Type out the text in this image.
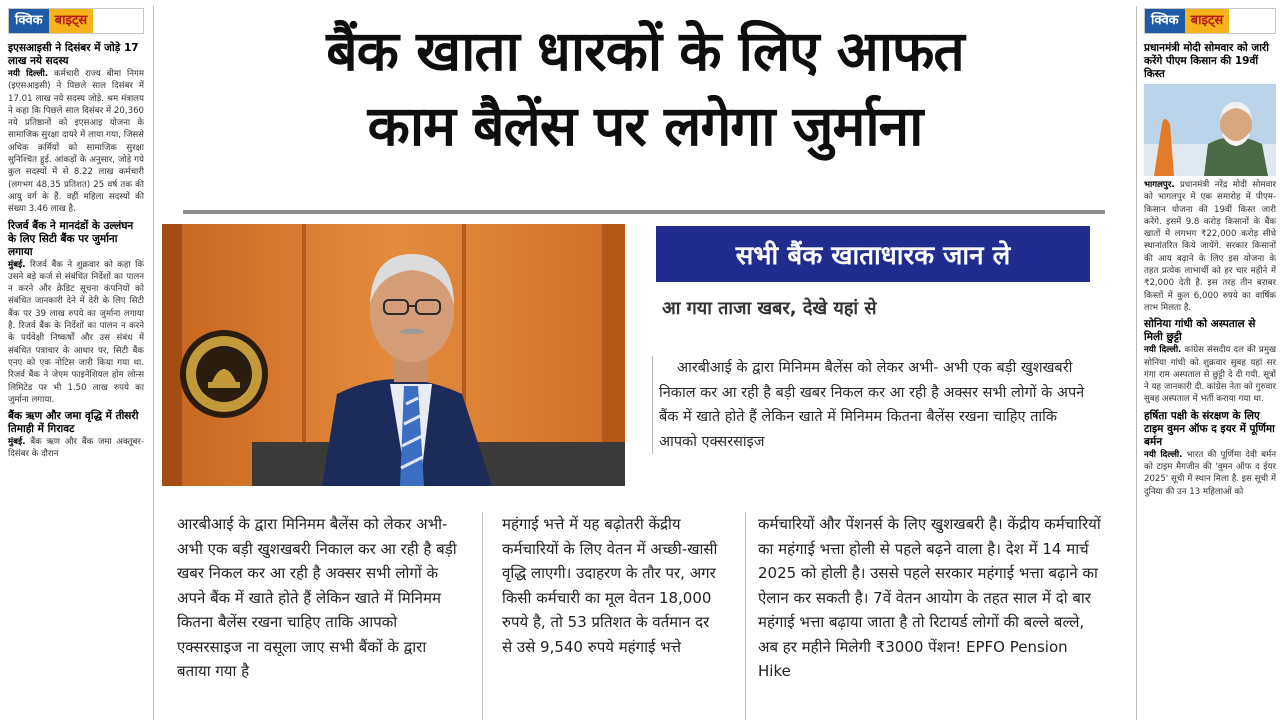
क्विक बाइट्स
इएसआइसी ने दिसंबर में जोड़े 17 लाख नये सदस्य

नयी दिल्ली. कर्मचारी राज्य बीमा निगम (इएसआइसी) ने पिछले साल दिसंबर में 17.01 लाख नये सदस्य जोड़े. श्रम मंत्रालय ने कहा कि पिछले साल दिसंबर में 20,360 नये प्रतिष्ठानों को इएसआइ योजना के सामाजिक सुरक्षा दायरे में लाया गया, जिससे अधिक कर्मियों को सामाजिक सुरक्षा सुनिश्चित हुई. आंकड़ों के अनुसार, जोड़े गये कुल सदस्यों में से 8.22 लाख कर्मचारी (लगभग 48.35 प्रतिशत) 25 वर्ष तक की आयु वर्ग के हैं. वहीं महिला सदस्यों की संख्या 3.46 लाख है.

रिजर्व बैंक ने मानदंडों के उल्लंघन के लिए सिटी बैंक पर जुर्माना लगाया

मुंबई. रिजर्व बैंक ने शुक्रवार को कहा कि उसने बड़े कर्ज से संबंधित निर्देशों का पालन न करने और क्रेडिट सूचना कंपनियों को संबंधित जानकारी देने में देरी के लिए सिटी बैंक पर 39 लाख रुपये का जुर्माना लगाया है. रिजर्व बैंक के निर्देशों का पालन न करने के पर्यवेक्षी निष्कर्षों और उस संबंध में संबंधित पत्राचार के आधार पर, सिटी बैंक एनए को एक नोटिस जारी किया गया था. रिजर्व बैंक ने जेएम फाइनेंशियल होम लोन्स लिमिटेड पर भी 1.50 लाख रुपये का जुर्माना लगाया.

बैंक ऋण और जमा वृद्धि में तीसरी तिमाही में गिरावट

मुंबई. बैंक ऋण और बैंक जमा अक्तूबर-दिसंबर के दौरान

बैंक खाता धारकों के लिए आफत
काम बैलेंस पर लगेगा जुर्माना
सभी बैंक खाताधारक जान ले
आ गया ताजा खबर, देखे यहां से

आरबीआई के द्वारा मिनिमम बैलेंस को लेकर अभी- अभी एक बड़ी खुशखबरी निकाल कर आ रही है बड़ी खबर निकल कर आ रही है अक्सर सभी लोगों के अपने बैंक में खाते होते हैं लेकिन खाते में मिनिमम कितना बैलेंस रखना चाहिए ताकि आपको एक्सरसाइज

आरबीआई के द्वारा मिनिमम बैलेंस को लेकर अभी- अभी एक बड़ी खुशखबरी निकाल कर आ रही है बड़ी खबर निकल कर आ रही है अक्सर सभी लोगों के अपने बैंक में खाते होते हैं लेकिन खाते में मिनिमम कितना बैलेंस रखना चाहिए ताकि आपको एक्सरसाइज ना वसूला जाए सभी बैंकों के द्वारा बताया गया है

महंगाई भत्ते में यह बढ़ोतरी केंद्रीय कर्मचारियों के लिए वेतन में अच्छी-खासी वृद्धि लाएगी। उदाहरण के तौर पर, अगर किसी कर्मचारी का मूल वेतन 18,000 रुपये है, तो 53 प्रतिशत के वर्तमान दर से उसे 9,540 रुपये महंगाई भत्ते

कर्मचारियों और पेंशनर्स के लिए खुशखबरी है। केंद्रीय कर्मचारियों का महंगाई भत्ता होली से पहले बढ़ने वाला है। देश में 14 मार्च 2025 को होली है। उससे पहले सरकार महंगाई भत्ता बढ़ाने का ऐलान कर सकती है। 7वें वेतन आयोग के तहत साल में दो बार महंगाई भत्ता बढ़ाया जाता है तो रिटायर्ड लोगों की बल्ले बल्ले, अब हर महीने मिलेगी ₹3000 पेंशन! EPFO Pension Hike

क्विक बाइट्स
प्रधानमंत्री मोदी सोमवार को जारी करेंगे पीएम किसान की 19वीं किस्त

भागलपुर. प्रधानमंत्री नरेंद्र मोदी सोमवार को भागलपुर में एक समारोह में पीएम-किसान योजना की 19वीं किस्त जारी करेंगे. इसमें 9.8 करोड़ किसानों के बैंक खातों में लगभग ₹22,000 करोड़ सीधे स्थानांतरित किये जायेंगे. सरकार किसानों की आय बढ़ाने के लिए इस योजना के तहत प्रत्येक लाभार्थी को हर चार महीने में ₹2,000 देती है. इस तरह तीन बराबर किस्तों में कुल 6,000 रुपये का वार्षिक लाभ मिलता है.

सोनिया गांधी को अस्पताल से मिली छुट्टी

नयी दिल्ली. कांग्रेस संसदीय दल की प्रमुख सोनिया गांधी को शुक्रवार सुबह यहां सर गंगा राम अस्पताल से छुट्टी दे दी गयी. सूत्रों ने यह जानकारी दी. कांग्रेस नेता को गुरुवार सुबह अस्पताल में भर्ती कराया गया था.

हर्षिता पक्षी के संरक्षण के लिए टाइम वुमन ऑफ द इयर में पूर्णिमा बर्मन

नयी दिल्ली. भारत की पूर्णिमा देवी बर्मन को टाइम मैगजीन की 'वुमन ऑफ द ईयर 2025' सूची में स्थान मिला है. इस सूची में दुनिया की उन 13 महिलाओं को
